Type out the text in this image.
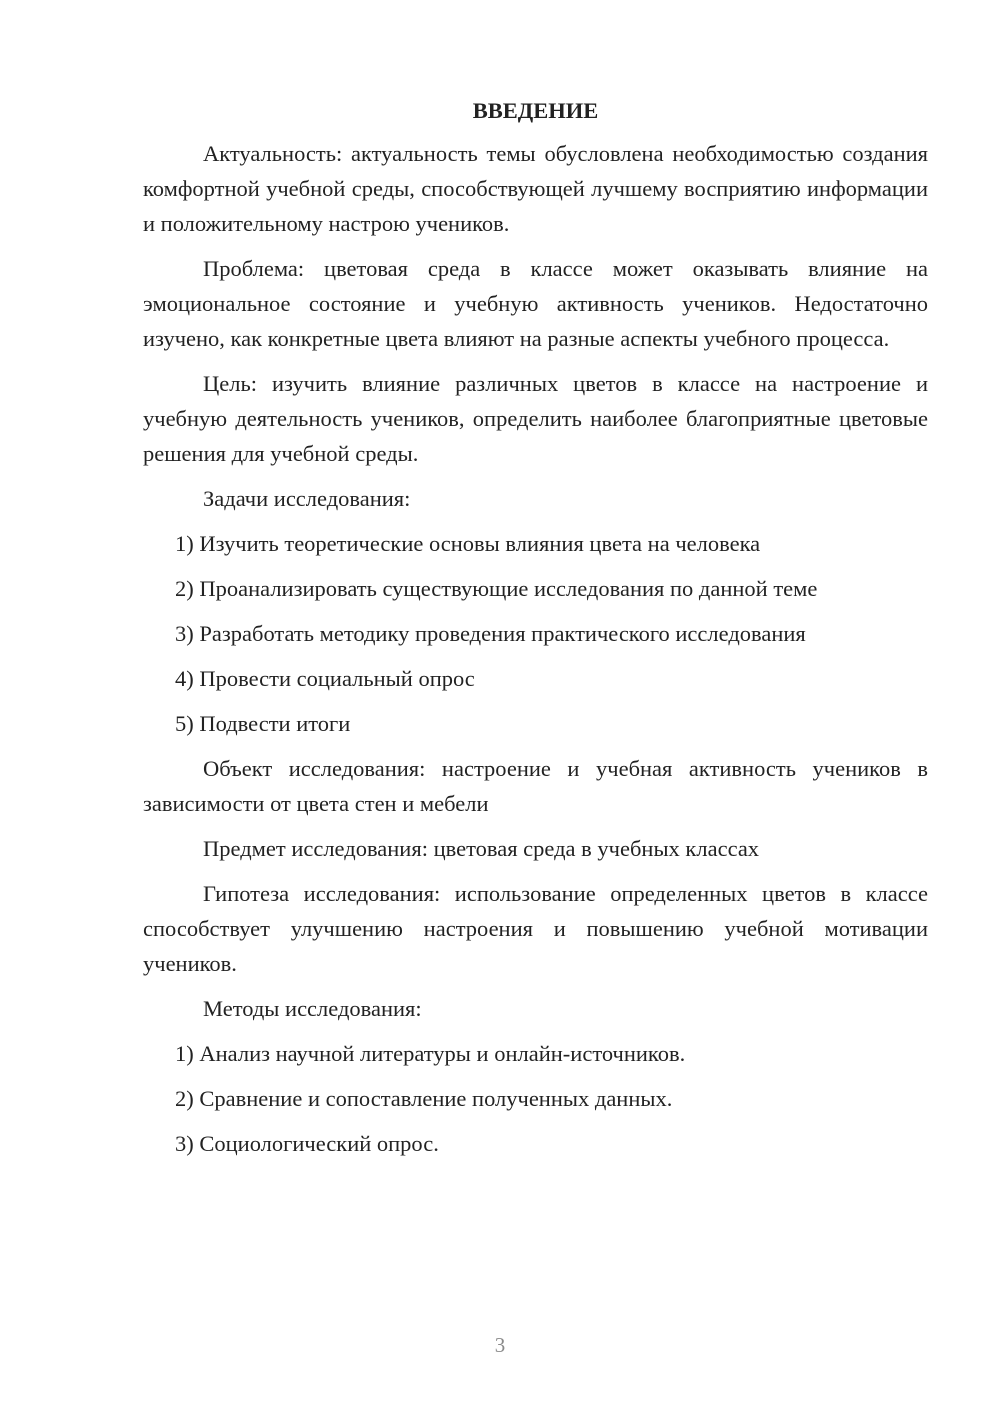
ВВЕДЕНИЕ

Актуальность: актуальность темы обусловлена необходимостью создания комфортной учебной среды, способствующей лучшему восприятию информации и положительному настрою учеников.

Проблема: цветовая среда в классе может оказывать влияние на эмоциональное состояние и учебную активность учеников. Недостаточно изучено, как конкретные цвета влияют на разные аспекты учебного процесса.

Цель: изучить влияние различных цветов в классе на настроение и учебную деятельность учеников, определить наиболее благоприятные цветовые решения для учебной среды.

Задачи исследования:

1) Изучить теоретические основы влияния цвета на человека
2) Проанализировать существующие исследования по данной теме
3) Разработать методику проведения практического исследования
4) Провести социальный опрос
5) Подвести итоги

Объект исследования: настроение и учебная активность учеников в зависимости от цвета стен и мебели

Предмет исследования: цветовая среда в учебных классах

Гипотеза исследования: использование определенных цветов в классе способствует улучшению настроения и повышению учебной мотивации учеников.

Методы исследования:

1) Анализ научной литературы и онлайн-источников.
2) Сравнение и сопоставление полученных данных.
3) Социологический опрос.
3
